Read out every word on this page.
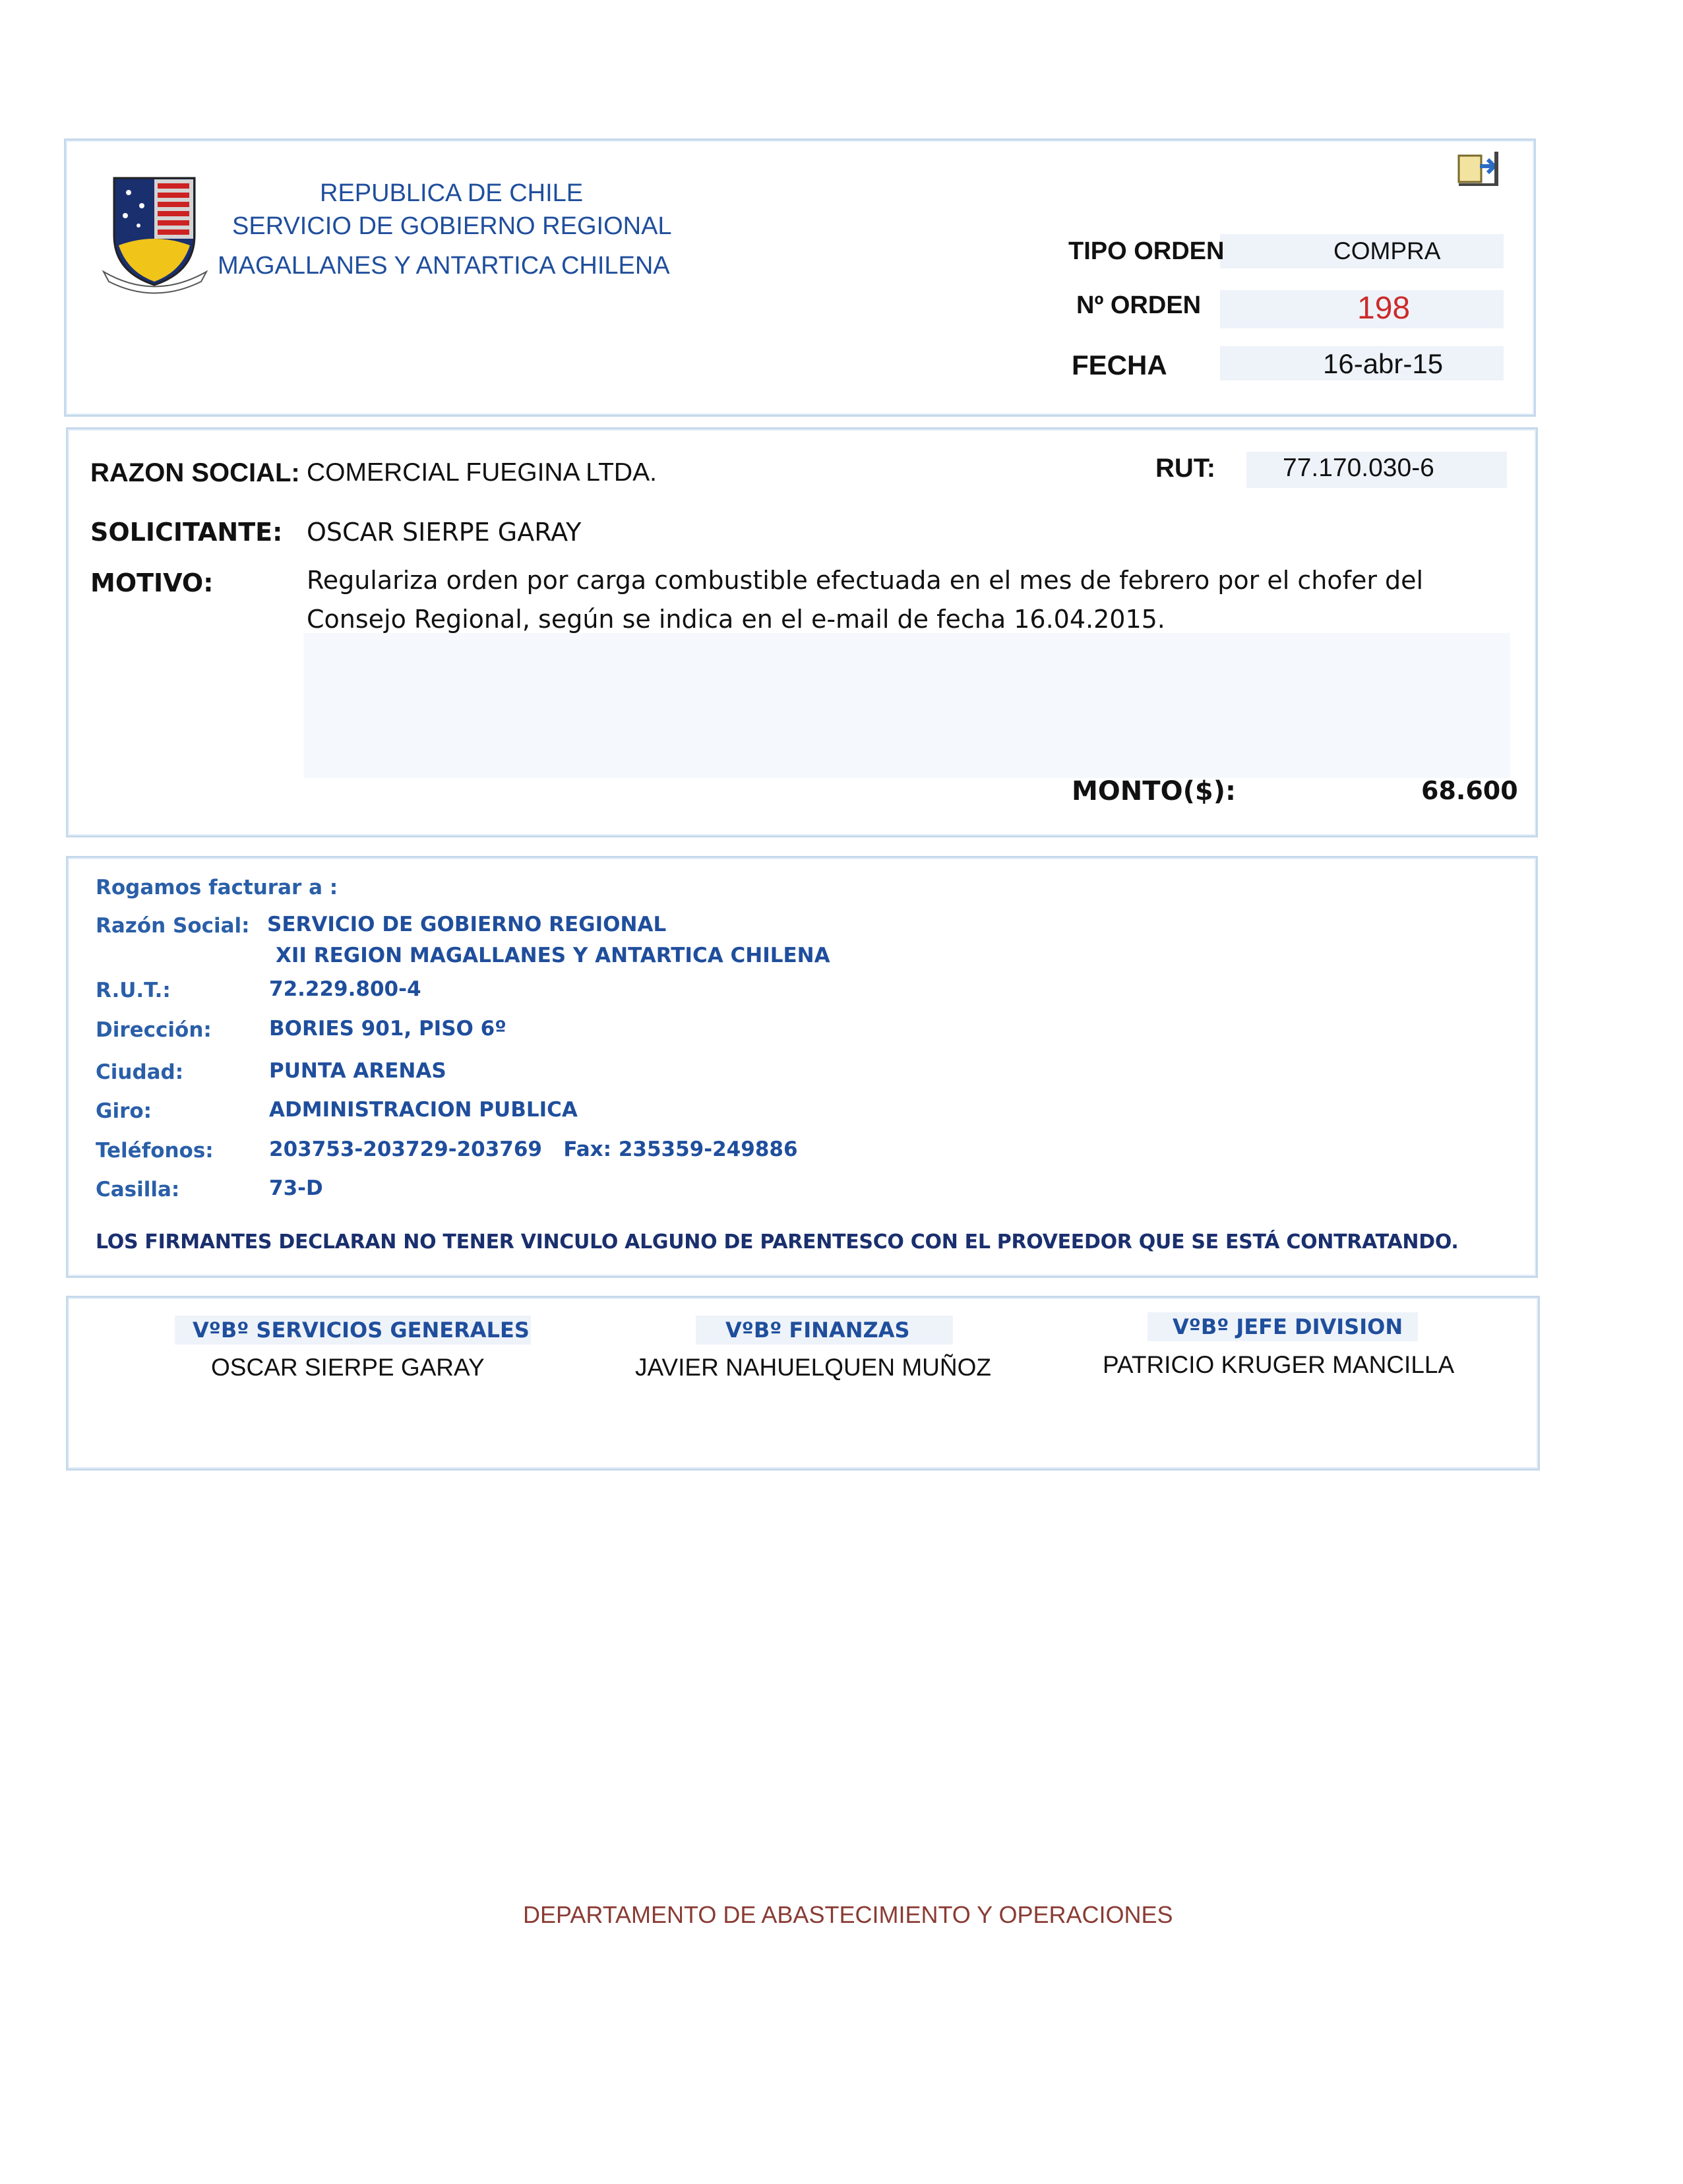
REPUBLICA DE CHILE
SERVICIO DE GOBIERNO REGIONAL
MAGALLANES Y ANTARTICA CHILENA
TIPO ORDEN	COMPRA
Nº ORDEN	198
FECHA	16-abr-15
RAZON SOCIAL: COMERCIAL FUEGINA LTDA.	RUT:	77.170.030-6
SOLICITANTE: OSCAR SIERPE GARAY
MOTIVO:	Regulariza orden por carga combustible efectuada en el mes de febrero por el chofer del
Consejo Regional, según se indica en el e-mail de fecha 16.04.2015.
MONTO($):	68.600
Rogamos facturar a :
Razón Social: SERVICIO DE GOBIERNO REGIONAL
XII REGION MAGALLANES Y ANTARTICA CHILENA
R.U.T.:	72.229.800-4
Dirección:	BORIES 901, PISO 6º
Ciudad:	PUNTA ARENAS
Giro:	ADMINISTRACION PUBLICA
Teléfonos:	203753-203729-203769   Fax: 235359-249886
Casilla:	73-D
LOS FIRMANTES DECLARAN NO TENER VINCULO ALGUNO DE PARENTESCO CON EL PROVEEDOR QUE SE ESTÁ CONTRATANDO.
VºBº SERVICIOS GENERALES
OSCAR SIERPE GARAY
VºBº FINANZAS
JAVIER NAHUELQUEN MUÑOZ
VºBº JEFE DIVISION
PATRICIO KRUGER MANCILLA
DEPARTAMENTO DE ABASTECIMIENTO Y OPERACIONES
